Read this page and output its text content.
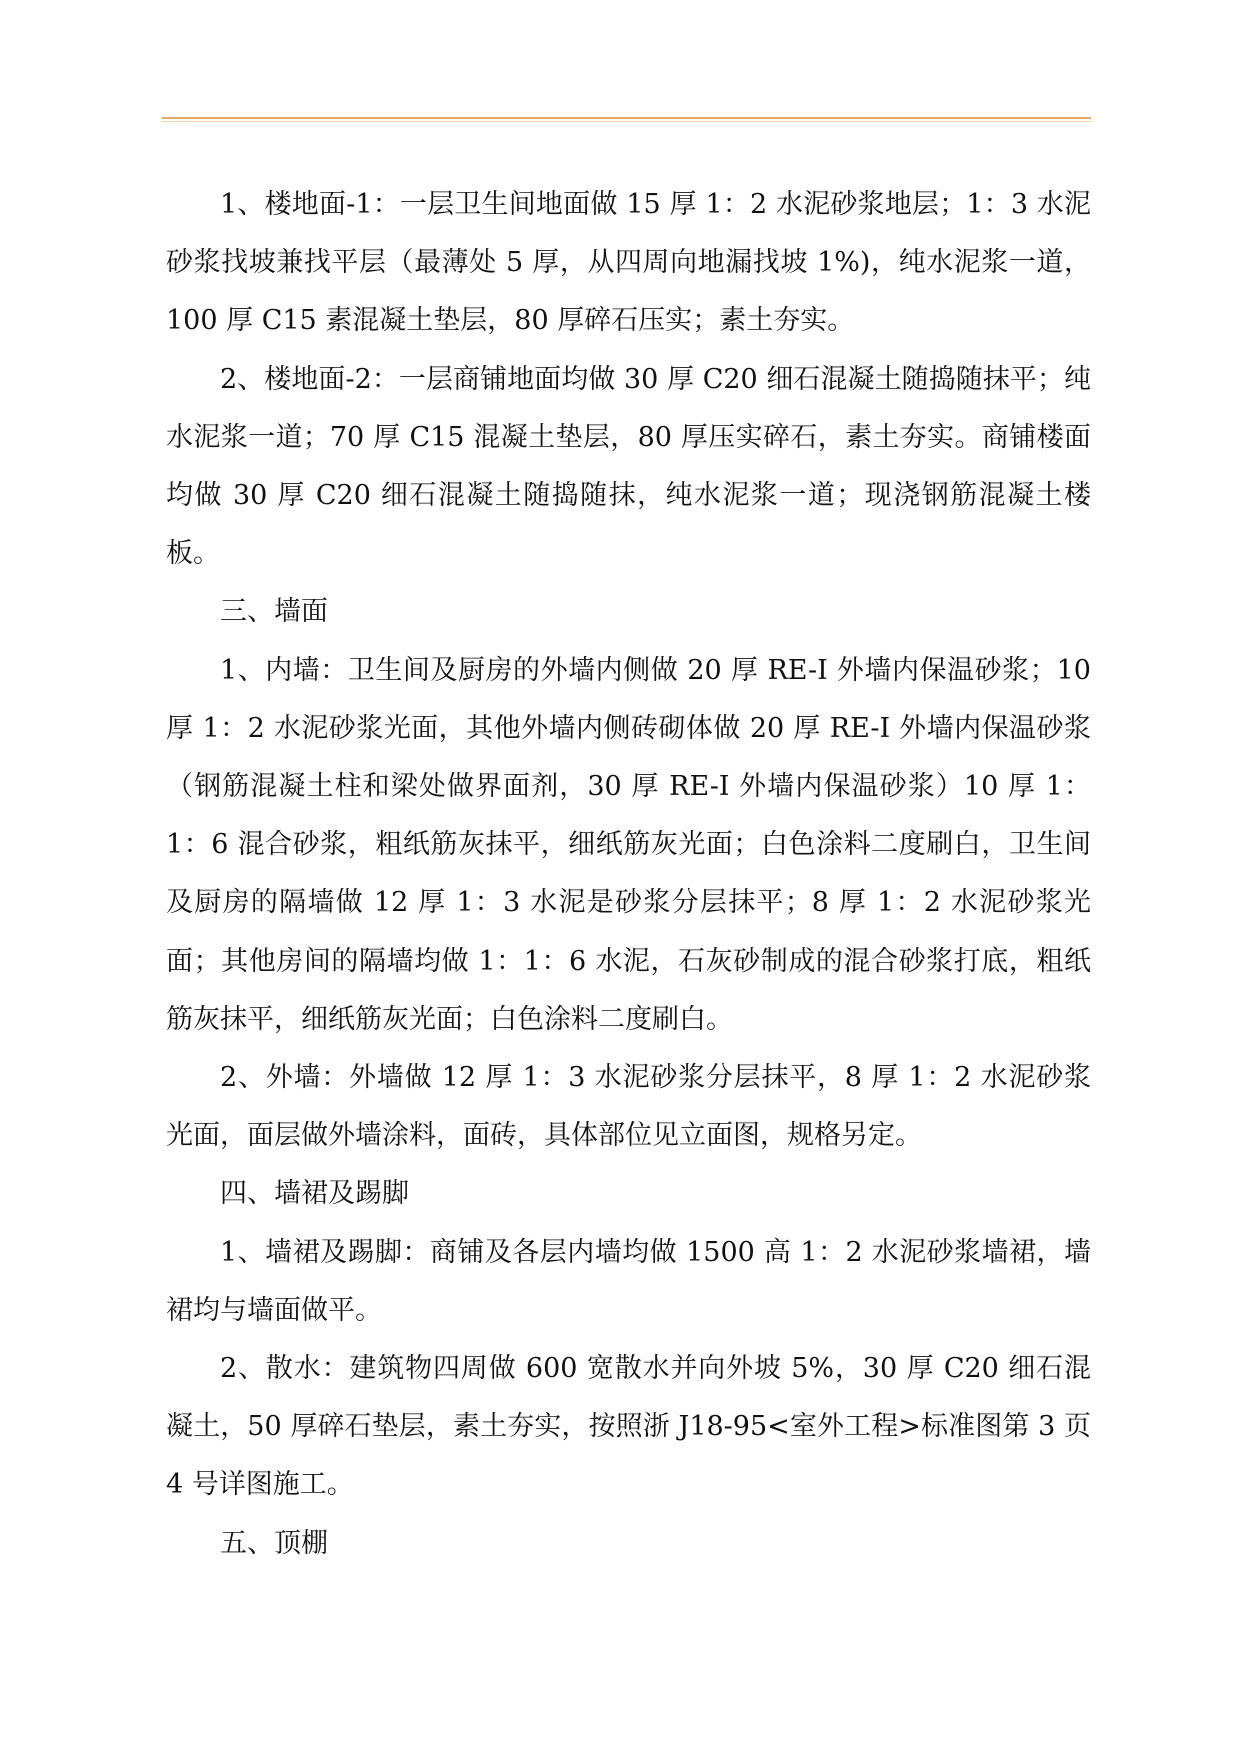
1、楼地面-1：一层卫生间地面做 15 厚 1：2 水泥砂浆地层；1：3 水泥砂浆找坡兼找平层（最薄处 5 厚，从四周向地漏找坡 1%)，纯水泥浆一道，100 厚 C15 素混凝土垫层，80 厚碎石压实；素土夯实。

2、楼地面-2：一层商铺地面均做 30 厚 C20 细石混凝土随捣随抹平；纯水泥浆一道；70 厚 C15 混凝土垫层，80 厚压实碎石，素土夯实。商铺楼面均做 30 厚 C20 细石混凝土随捣随抹，纯水泥浆一道；现浇钢筋混凝土楼板。

三、墙面

1、内墙：卫生间及厨房的外墙内侧做 20 厚 RE-I 外墙内保温砂浆；10 厚 1：2 水泥砂浆光面，其他外墙内侧砖砌体做 20 厚 RE-I 外墙内保温砂浆（钢筋混凝土柱和梁处做界面剂，30 厚 RE-I 外墙内保温砂浆）10 厚 1：1：6 混合砂浆，粗纸筋灰抹平，细纸筋灰光面；白色涂料二度刷白，卫生间及厨房的隔墙做 12 厚 1：3 水泥是砂浆分层抹平；8 厚 1：2 水泥砂浆光面；其他房间的隔墙均做 1：1：6 水泥，石灰砂制成的混合砂浆打底，粗纸筋灰抹平，细纸筋灰光面；白色涂料二度刷白。

2、外墙：外墙做 12 厚 1：3 水泥砂浆分层抹平，8 厚 1：2 水泥砂浆光面，面层做外墙涂料，面砖，具体部位见立面图，规格另定。

四、墙裙及踢脚

1、墙裙及踢脚：商铺及各层内墙均做 1500 高 1：2 水泥砂浆墙裙，墙裙均与墙面做平。

2、散水：建筑物四周做 600 宽散水并向外坡 5%，30 厚 C20 细石混凝土，50 厚碎石垫层，素土夯实，按照浙 J18-95<室外工程>标准图第 3 页 4 号详图施工。

五、顶棚
